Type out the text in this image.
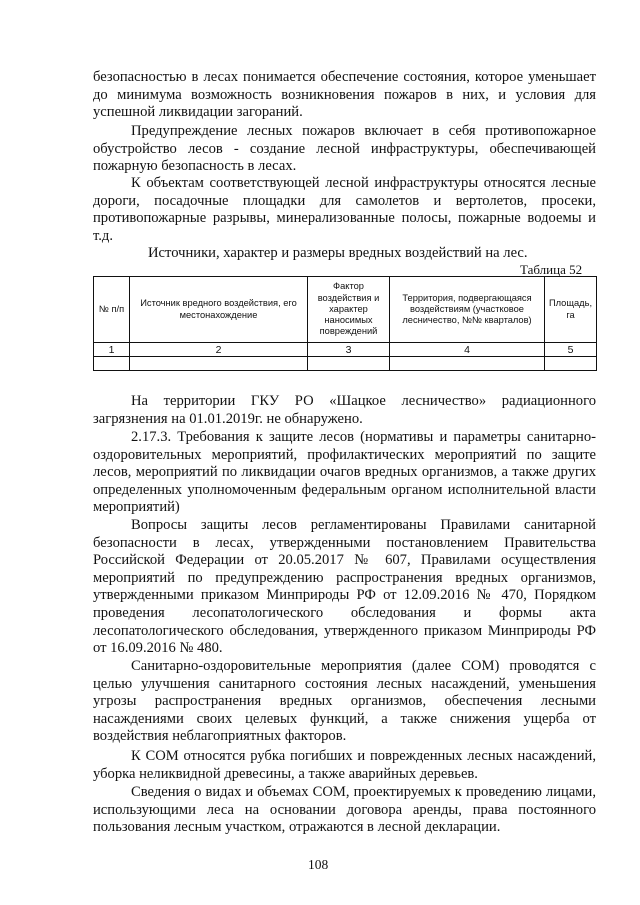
безопасностью в лесах понимается обеспечение состояния, которое уменьшает до минимума возможность возникновения пожаров в них, и условия для успешной ликвидации загораний.

Предупреждение лесных пожаров включает в себя противопожарное обустройство лесов - создание лесной инфраструктуры, обеспечивающей пожарную безопасность в лесах.

К объектам соответствующей лесной инфраструктуры относятся лесные дороги, посадочные площадки для самолетов и вертолетов, просеки, противопожарные разрывы, минерализованные полосы, пожарные водоемы и т.д.

Источники, характер и размеры вредных воздействий на лес.

Таблица 52

№ п/п	Источник вредного воздействия, его местонахождение	Фактор воздействия и характер наносимых повреждений	Территория, подвергающаяся воздействиям (участковое лесничество, №№ кварталов)	Площадь, га
1	2	3	4	5

На территории ГКУ РО «Шацкое лесничество» радиационного загрязнения на 01.01.2019г. не обнаружено.

2.17.3. Требования к защите лесов (нормативы и параметры санитарно-оздоровительных мероприятий, профилактических мероприятий по защите лесов, мероприятий по ликвидации очагов вредных организмов, а также других определенных уполномоченным федеральным органом исполнительной власти мероприятий)

Вопросы защиты лесов регламентированы Правилами санитарной безопасности в лесах, утвержденными постановлением Правительства Российской Федерации от 20.05.2017 № 607, Правилами осуществления мероприятий по предупреждению распространения вредных организмов, утвержденными приказом Минприроды РФ от 12.09.2016 № 470, Порядком проведения лесопатологического обследования и формы акта лесопатологического обследования, утвержденного приказом Минприроды РФ от 16.09.2016 № 480.

Санитарно-оздоровительные мероприятия (далее СОМ) проводятся с целью улучшения санитарного состояния лесных насаждений, уменьшения угрозы распространения вредных организмов, обеспечения лесными насаждениями своих целевых функций, а также снижения ущерба от воздействия неблагоприятных факторов.

К СОМ относятся рубка погибших и поврежденных лесных насаждений, уборка неликвидной древесины, а также аварийных деревьев.

Сведения о видах и объемах СОМ, проектируемых к проведению лицами, использующими леса на основании договора аренды, права постоянного пользования лесным участком, отражаются в лесной декларации.

108
